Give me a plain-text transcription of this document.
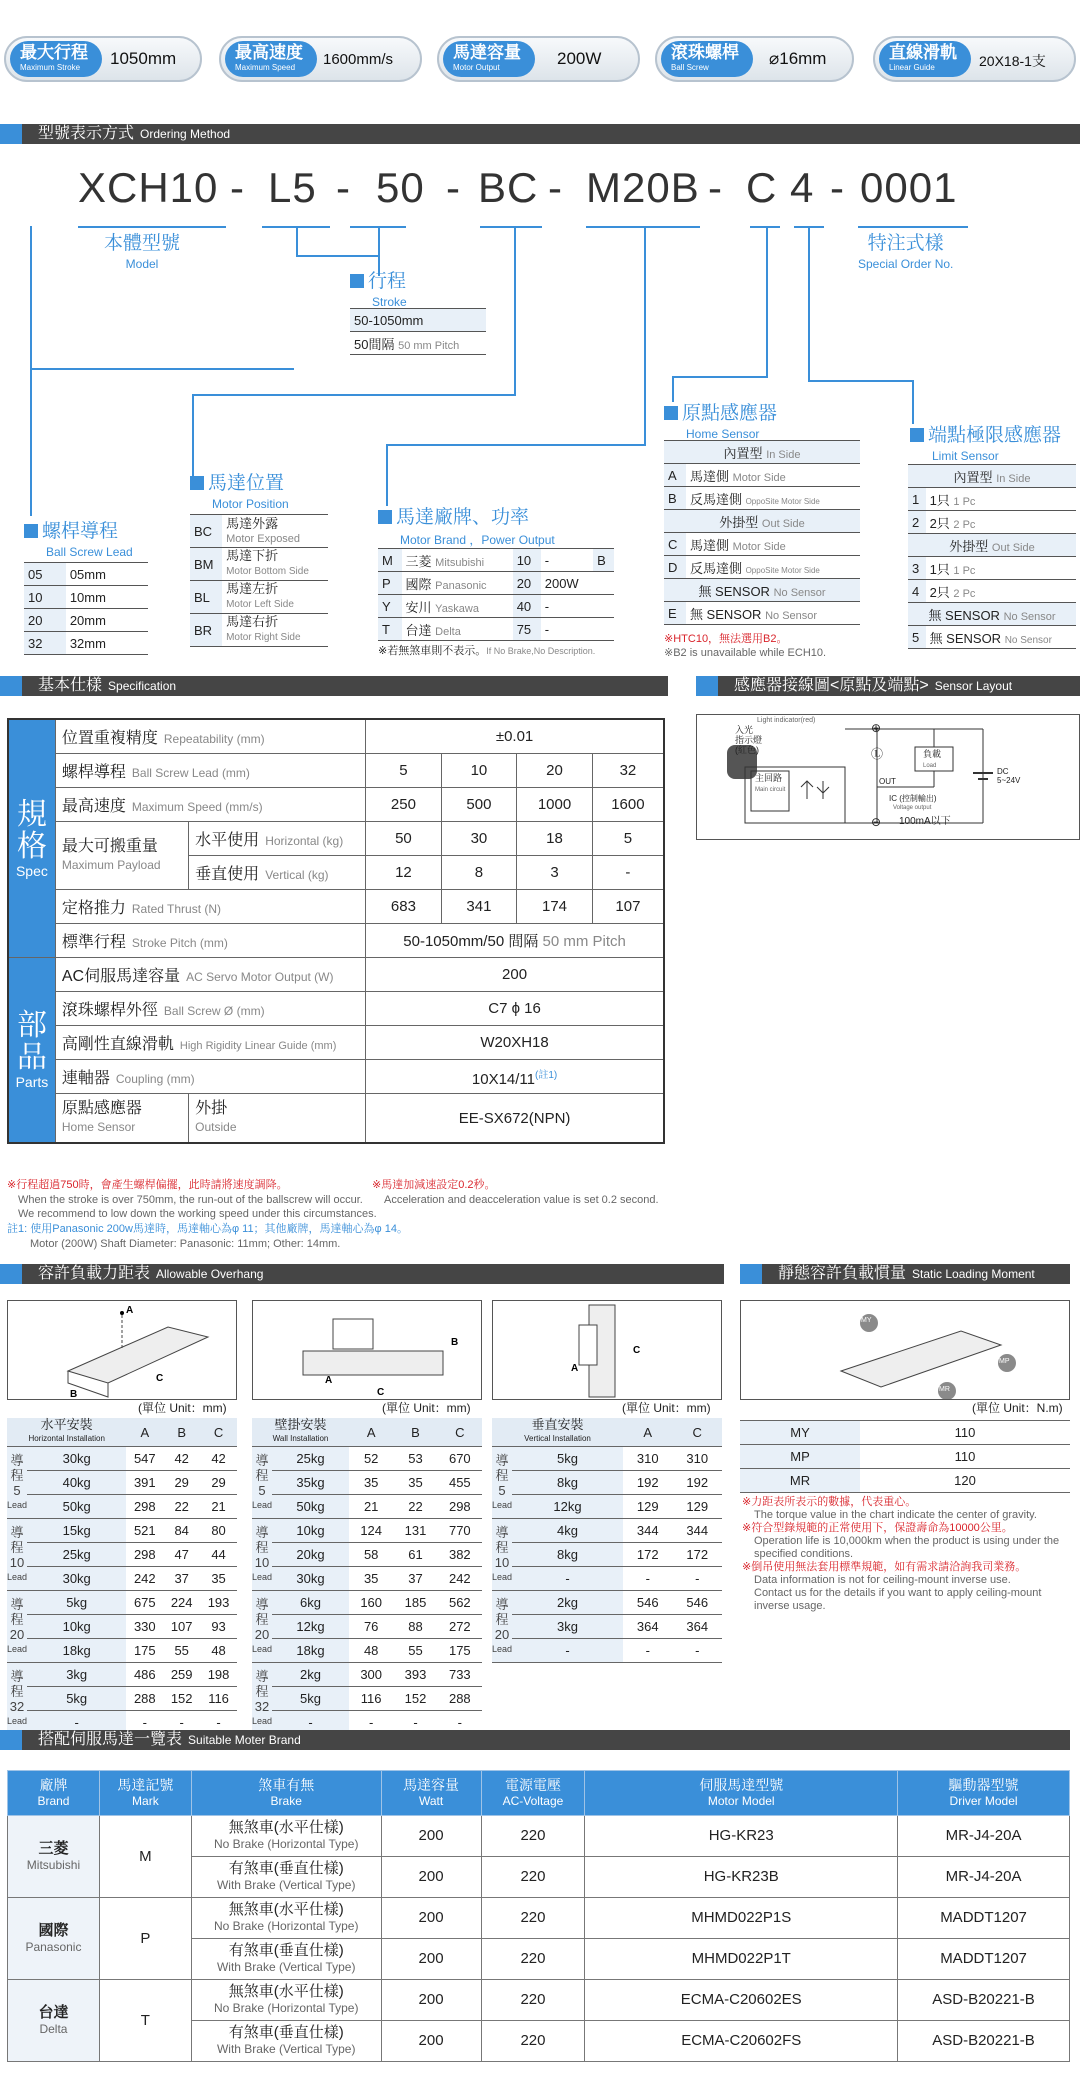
最大行程
Maximum Stroke	1050mm	最高速度
Maximum Speed	1600mm/s	馬達容量
Motor Output	200W	滾珠螺桿
Ball Screw	⌀16mm	直線滑軌
Linear Guide	20X18-1支
型號表示方式 Ordering Method
XCH10 - L5 - 50 - BC - M20B - C 4 - 0001
本體型號
Model
特注式樣
Special Order No.
行程
Stroke
50-1050mm
50間隔 50 mm Pitch
螺桿導程
Ball Screw Lead
05	05mm
10	10mm
20	20mm
32	32mm
馬達位置
Motor Position
BC	馬達外露
Motor Exposed
BM	馬達下折
Motor Bottom Side
BL	馬達左折
Motor Left Side
BR	馬達右折
Motor Right Side
馬達廠牌、功率
Motor Brand ，Power Output
M	三菱 Mitsubishi	10	-	B
P	國際 Panasonic	20	200W	
Y	安川 Yaskawa	40	-	
T	台達 Delta	75	-	
※若無煞車則不表示。If No Brake,No Description.
原點感應器
Home Sensor
內置型 In Side	
A	馬達側 Motor Side
B	反馬達側 OppoSite Motor Side
外掛型 Out Side	
C	馬達側 Motor Side
D	反馬達側 OppoSite Motor Side
無 SENSOR No Sensor	
E	無 SENSOR No Sensor
※HTC10，無法選用B2。
※B2 is unavailable while ECH10.
端點極限感應器
Limit Sensor
內置型 In Side	
1	1只 1 Pc
2	2只 2 Pc
外掛型 Out Side	
3	1只 1 Pc
4	2只 2 Pc
無 SENSOR No Sensor	
5	無 SENSOR No Sensor
基本仕樣 Specification	感應器接線圖<原點及端點> Sensor Layout
規格
Spec	位置重複精度 Repeatability (mm)		±0.01			
	螺桿導程 Ball Screw Lead (mm)		5	10	20	32
	最高速度 Maximum Speed (mm/s)		250	500	1000	1600
	最大可搬重量
Maximum Payload	水平使用 Horizontal (kg)	50	30	18	5
		垂直使用 Vertical (kg)	12	8	3	-
	定格推力 Rated Thrust (N)		683	341	174	107
	標準行程 Stroke Pitch (mm)		50-1050mm/50 間隔 50 mm Pitch			
部品
Parts	AC伺服馬達容量 AC Servo Motor Output (W)		200			
	滾珠螺桿外徑 Ball Screw Ø (mm)		C7 ϕ 16			
	高剛性直線滑軌 High Rigidity Linear Guide (mm)		W20XH18			
	連軸器 Coupling (mm)		$10X14/11^{(註1)}$
	原點感應器
Home Sensor	外掛
Outside	EE-SX672(NPN)			
※行程超過750時，會產生螺桿偏擺，此時請將速度調降。	※馬達加減速設定0.2秒。
When the stroke is over 750mm, the run-out of the ballscrew will occur. Acceleration and deacceleration value is set 0.2 second.
We recommend to low down the working speed under this circumstances.
註1: 使用Panasonic 200w馬達時，馬達軸心為φ 11；其他廠牌，馬達軸心為φ 14。
Motor (200W) Shaft Diameter: Panasonic: 11mm; Other: 14mm.
Light indicator(red)
入光
指示燈
(紅色)
主回路
Main circuit
負載
Load
OUT
IC (控制輸出)
Voltage output
100mA以下
DC
5~24V
⊕
⊖
Ⓛ
容許負載力距表 Allowable Overhang	靜態容許負載慣量 Static Loading Moment
A
C
B
B
A
C
C
A
MY
MP
MR
(單位 Unit：mm)	(單位 Unit：mm)	(單位 Unit：mm)	(單位 Unit：N.m)
水平安裝
Horizontal Installation		A	B	C
導程 5
Lead	30kg	547	42	42
	40kg	391	29	29
	50kg	298	22	21
導程 10
Lead	15kg	521	84	80
	25kg	298	47	44
	30kg	242	37	35
導程 20
Lead	5kg	675	224	193
	10kg	330	107	93
	18kg	175	55	48
導程 32
Lead	3kg	486	259	198
	5kg	288	152	116
	-	-	-	-
壁掛安裝
Wall Installation		A	B	C
導程 5
Lead	25kg	52	53	670
	35kg	35	35	455
	50kg	21	22	298
導程 10
Lead	10kg	124	131	770
	20kg	58	61	382
	30kg	35	37	242
導程 20
Lead	6kg	160	185	562
	12kg	76	88	272
	18kg	48	55	175
導程 32
Lead	2kg	300	393	733
	5kg	116	152	288
	-	-	-	-
垂直安裝
Vertical Installation		A	C
導程 5
Lead	5kg	310	310
	8kg	192	192
	12kg	129	129
導程 10
Lead	4kg	344	344
	8kg	172	172
	-	-	-
導程 20
Lead	2kg	546	546
	3kg	364	364
	-	-	-
MY	110
MP	110
MR	120
※力距表所表示的數據，代表重心。
The torque value in the chart indicate the center of gravity.
※符合型錄規範的正常使用下，保證壽命為10000公里。
Operation life is 10,000km when the product is using under the
specified conditions.
※倒吊使用無法套用標準規範，如有需求請洽詢我司業務。
Data information is not for ceiling-mount inverse use.
Contact us for the details if you want to apply ceiling-mount
inverse usage.
搭配伺服馬達一覽表 Suitable Moter Brand
廠牌
Brand	馬達記號
Mark	煞車有無
Brake	馬達容量
Watt	電源電壓
AC-Voltage	伺服馬達型號
Motor Model	驅動器型號
Driver Model

三菱
Mitsubishi	M	無煞車(水平仕樣)
No Brake (Horizontal Type)	200	220	HG-KR23	MR-J4-20A
		有煞車(垂直仕樣)
With Brake (Vertical Type)	200	220	HG-KR23B	MR-J4-20A
國際
Panasonic	P	無煞車(水平仕樣)
No Brake (Horizontal Type)	200	220	MHMD022P1S	MADDT1207
		有煞車(垂直仕樣)
With Brake (Vertical Type)	200	220	MHMD022P1T	MADDT1207
台達
Delta	T	無煞車(水平仕樣)
No Brake (Horizontal Type)	200	220	ECMA-C20602ES	ASD-B20221-B
		有煞車(垂直仕樣)
With Brake (Vertical Type)	200	220	ECMA-C20602FS	ASD-B20221-B
